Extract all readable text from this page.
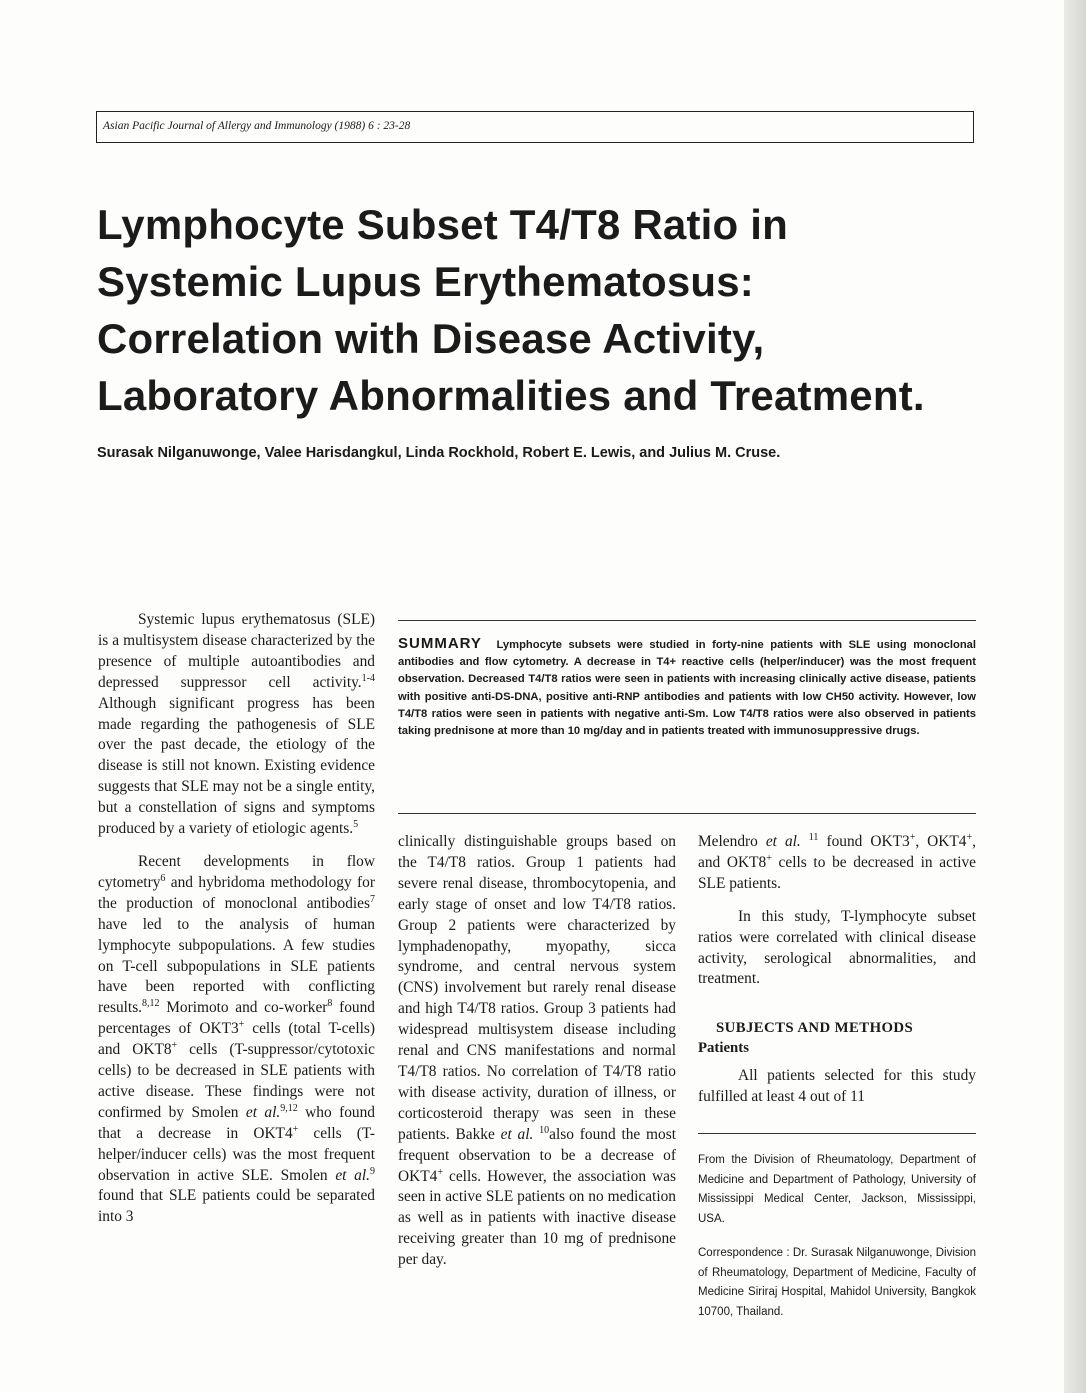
Asian Pacific Journal of Allergy and Immunology (1988) 6 : 23-28
Lymphocyte Subset T4/T8 Ratio in
Systemic Lupus Erythematosus:
Correlation with Disease Activity,
Laboratory Abnormalities and Treatment.
Surasak Nilganuwonge, Valee Harisdangkul, Linda Rockhold, Robert E. Lewis, and Julius M. Cruse.
SUMMARY Lymphocyte subsets were studied in forty-nine patients with SLE using monoclonal antibodies and flow cytometry. A decrease in T4+ reactive cells (helper/inducer) was the most frequent observation. Decreased T4/T8 ratios were seen in patients with increasing clinically active disease, patients with positive anti-DS-DNA, positive anti-RNP antibodies and patients with low CH50 activity. However, low T4/T8 ratios were seen in patients with negative anti-Sm. Low T4/T8 ratios were also observed in patients taking prednisone at more than 10 mg/day and in patients treated with immunosuppressive drugs.

Systemic lupus erythematosus (SLE) is a multisystem disease characterized by the presence of multiple autoantibodies and depressed suppressor cell activity.$^{1-4}$ Although significant progress has been made regarding the pathogenesis of SLE over the past decade, the etiology of the disease is still not known. Existing evidence suggests that SLE may not be a single entity, but a constellation of signs and symptoms produced by a variety of etiologic agents.$^5$

Recent developments in flow cytometry$^6$ and hybridoma methodology for the production of monoclonal antibodies$^7$ have led to the analysis of human lymphocyte subpopulations. A few studies on T-cell subpopulations in SLE patients have been reported with conflicting results.$^{8,12}$ Morimoto and co-worker$^8$ found percentages of OKT3+ cells (total T-cells) and OKT8+ cells (T-suppressor/cytotoxic cells) to be decreased in SLE patients with active disease. These findings were not confirmed by Smolen et al.$^{9,12}$ who found that a decrease in OKT4+ cells (T-helper/inducer cells) was the most frequent observation in active SLE. Smolen et al.$^9$ found that SLE patients could be separated into 3

clinically distinguishable groups based on the T4/T8 ratios. Group 1 patients had severe renal disease, thrombocytopenia, and early stage of onset and low T4/T8 ratios. Group 2 patients were characterized by lymphadenopathy, myopathy, sicca syndrome, and central nervous system (CNS) involvement but rarely renal disease and high T4/T8 ratios. Group 3 patients had widespread multisystem disease including renal and CNS manifestations and normal T4/T8 ratios. No correlation of T4/T8 ratio with disease activity, duration of illness, or corticosteroid therapy was seen in these patients. Bakke et al. $^{10}$also found the most frequent observation to be a decrease of OKT4+ cells. However, the association was seen in active SLE patients on no medication as well as in patients with inactive disease receiving greater than 10 mg of prednisone per day.

Melendro et al. $^{11}$ found OKT3+, OKT4+, and OKT8+ cells to be decreased in active SLE patients.

In this study, T-lymphocyte subset ratios were correlated with clinical disease activity, serological abnormalities, and treatment.

SUBJECTS AND METHODS
Patients

All patients selected for this study fulfilled at least 4 out of 11

From the Division of Rheumatology, Department of Medicine and Department of Pathology, University of Mississippi Medical Center, Jackson, Mississippi, USA.
Correspondence : Dr. Surasak Nilganuwonge, Division of Rheumatology, Department of Medicine, Faculty of Medicine Siriraj Hospital, Mahidol University, Bangkok 10700, Thailand.
